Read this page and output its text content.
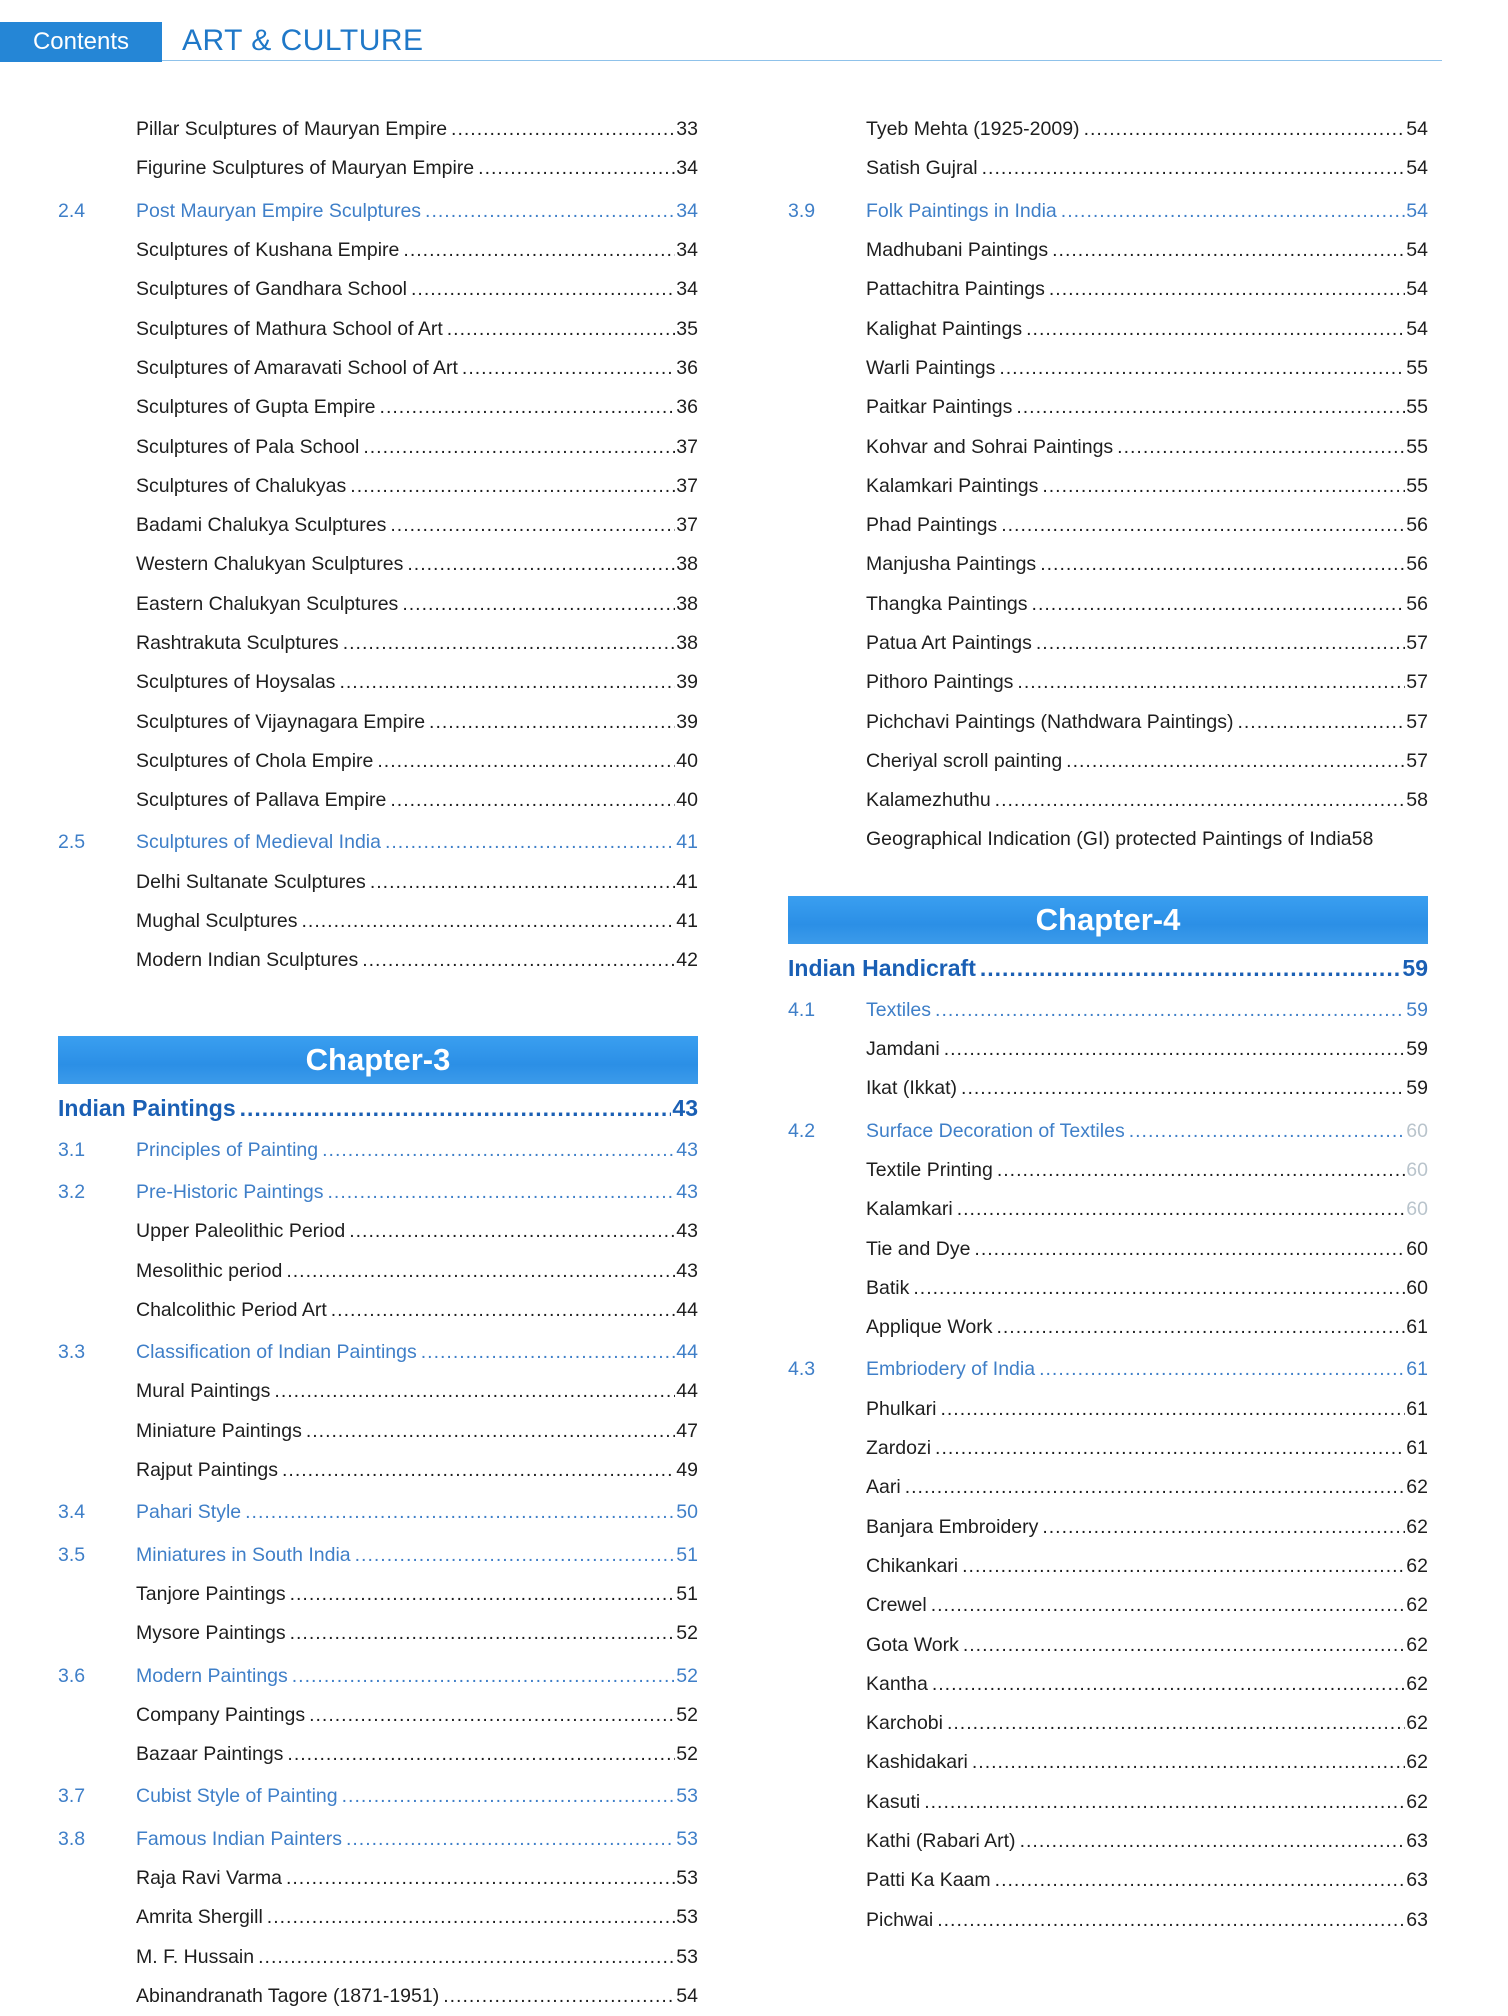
Contents	ART & CULTURE
Pillar Sculptures of Mauryan Empire .....	33
Figurine Sculptures of Mauryan Empire .....	34
2.4	Post Mauryan Empire Sculptures .....	34
Sculptures of Kushana Empire .....	34
Sculptures of Gandhara School .....	34
Sculptures of Mathura School of Art .....	35
Sculptures of Amaravati School of Art .....	36
Sculptures of Gupta Empire .....	36
Sculptures of Pala School .....	37
Sculptures of Chalukyas .....	37
Badami Chalukya Sculptures .....	37
Western Chalukyan Sculptures .....	38
Eastern Chalukyan Sculptures .....	38
Rashtrakuta Sculptures .....	38
Sculptures of Hoysalas .....	39
Sculptures of Vijaynagara Empire .....	39
Sculptures of Chola Empire .....	40
Sculptures of Pallava Empire .....	40
2.5	Sculptures of Medieval India .....	41
Delhi Sultanate Sculptures .....	41
Mughal Sculptures .....	41
Modern Indian Sculptures .....	42
Chapter-3
Indian Paintings .....	43
3.1	Principles of Painting .....	43
3.2	Pre-Historic Paintings .....	43
Upper Paleolithic Period .....	43
Mesolithic period .....	43
Chalcolithic Period Art .....	44
3.3	Classification of Indian Paintings .....	44
Mural Paintings .....	44
Miniature Paintings .....	47
Rajput Paintings .....	49
3.4	Pahari Style .....	50
3.5	Miniatures in South India .....	51
Tanjore Paintings .....	51
Mysore Paintings .....	52
3.6	Modern Paintings .....	52
Company Paintings .....	52
Bazaar Paintings .....	52
3.7	Cubist Style of Painting .....	53
3.8	Famous Indian Painters .....	53
Raja Ravi Varma .....	53
Amrita Shergill .....	53
M. F. Hussain .....	53
Abinandranath Tagore (1871-1951) .....	54
Tyeb Mehta (1925-2009) .....	54
Satish Gujral .....	54
3.9	Folk Paintings in India .....	54
Madhubani Paintings .....	54
Pattachitra Paintings .....	54
Kalighat Paintings .....	54
Warli Paintings .....	55
Paitkar Paintings .....	55
Kohvar and Sohrai Paintings .....	55
Kalamkari Paintings .....	55
Phad Paintings .....	56
Manjusha Paintings .....	56
Thangka Paintings .....	56
Patua Art Paintings .....	57
Pithoro Paintings .....	57
Pichchavi Paintings (Nathdwara Paintings) .....	57
Cheriyal scroll painting .....	57
Kalamezhuthu .....	58
Geographical Indication (GI) protected Paintings of India 58
Chapter-4
Indian Handicraft .....	59
4.1	Textiles .....	59
Jamdani .....	59
Ikat (Ikkat) .....	59
4.2	Surface Decoration of Textiles .....	60
Textile Printing .....	60
Kalamkari .....	60
Tie and Dye .....	60
Batik .....	60
Applique Work .....	61
4.3	Embriodery of India .....	61
Phulkari .....	61
Zardozi .....	61
Aari .....	62
Banjara Embroidery .....	62
Chikankari .....	62
Crewel .....	62
Gota Work .....	62
Kantha .....	62
Karchobi .....	62
Kashidakari .....	62
Kasuti .....	62
Kathi (Rabari Art) .....	63
Patti Ka Kaam .....	63
Pichwai .....	63
